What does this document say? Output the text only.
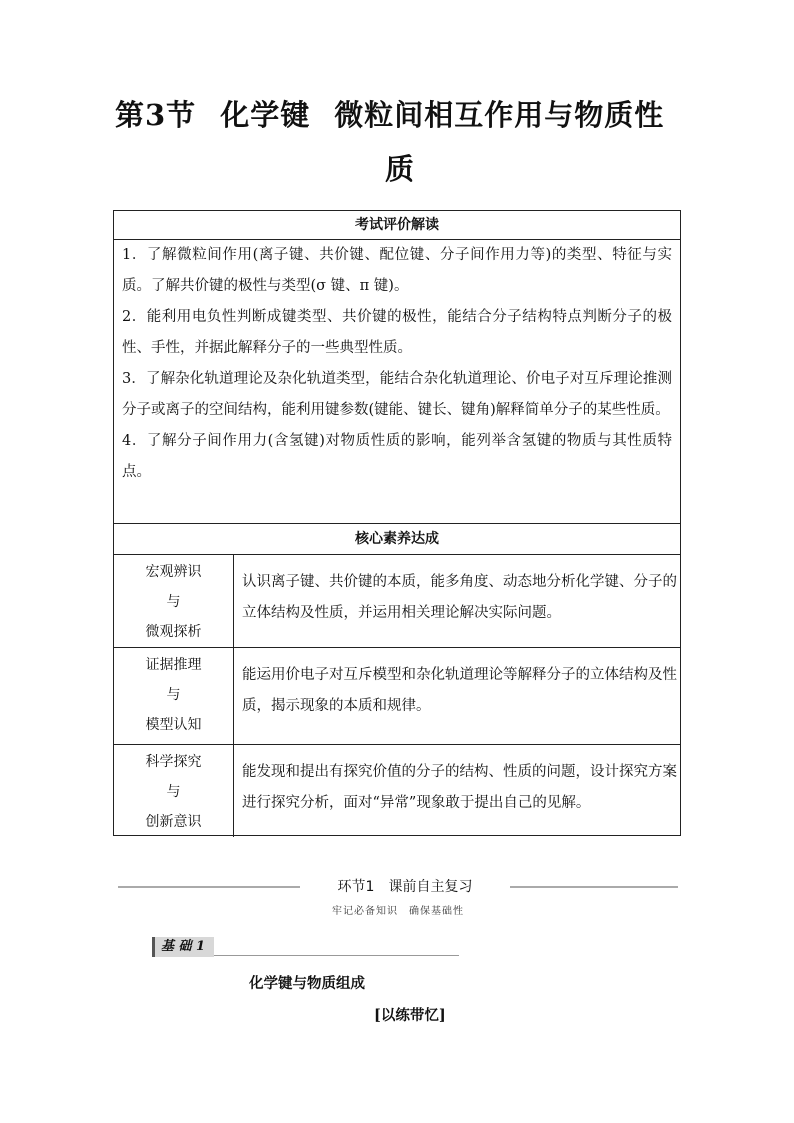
第3节 化学键 微粒间相互作用与物质性
质
考试评价解读

1．了解微粒间作用(离子键、共价键、配位键、分子间作用力等)的类型、特征与实质。了解共价键的极性与类型(σ 键、π 键)。

2．能利用电负性判断成键类型、共价键的极性，能结合分子结构特点判断分子的极性、手性，并据此解释分子的一些典型性质。

3．了解杂化轨道理论及杂化轨道类型，能结合杂化轨道理论、价电子对互斥理论推测分子或离子的空间结构，能利用键参数(键能、键长、键角)解释简单分子的某些性质。

4．了解分子间作用力(含氢键)对物质性质的影响，能列举含氢键的物质与其性质特点。

核心素养达成
宏观辨识
与
微观探析
认识离子键、共价键的本质，能多角度、动态地分析化学键、分子的立体结构及性质，并运用相关理论解决实际问题。
证据推理
与
模型认知
能运用价电子对互斥模型和杂化轨道理论等解释分子的立体结构及性质，揭示现象的本质和规律。
科学探究
与
创新意识
能发现和提出有探究价值的分子的结构、性质的问题，设计探究方案进行探究分析，面对“异常”现象敢于提出自己的见解。
环节1　课前自主复习
牢记必备知识　确保基础性
基 础 1
化学键与物质组成
[以练带忆]
